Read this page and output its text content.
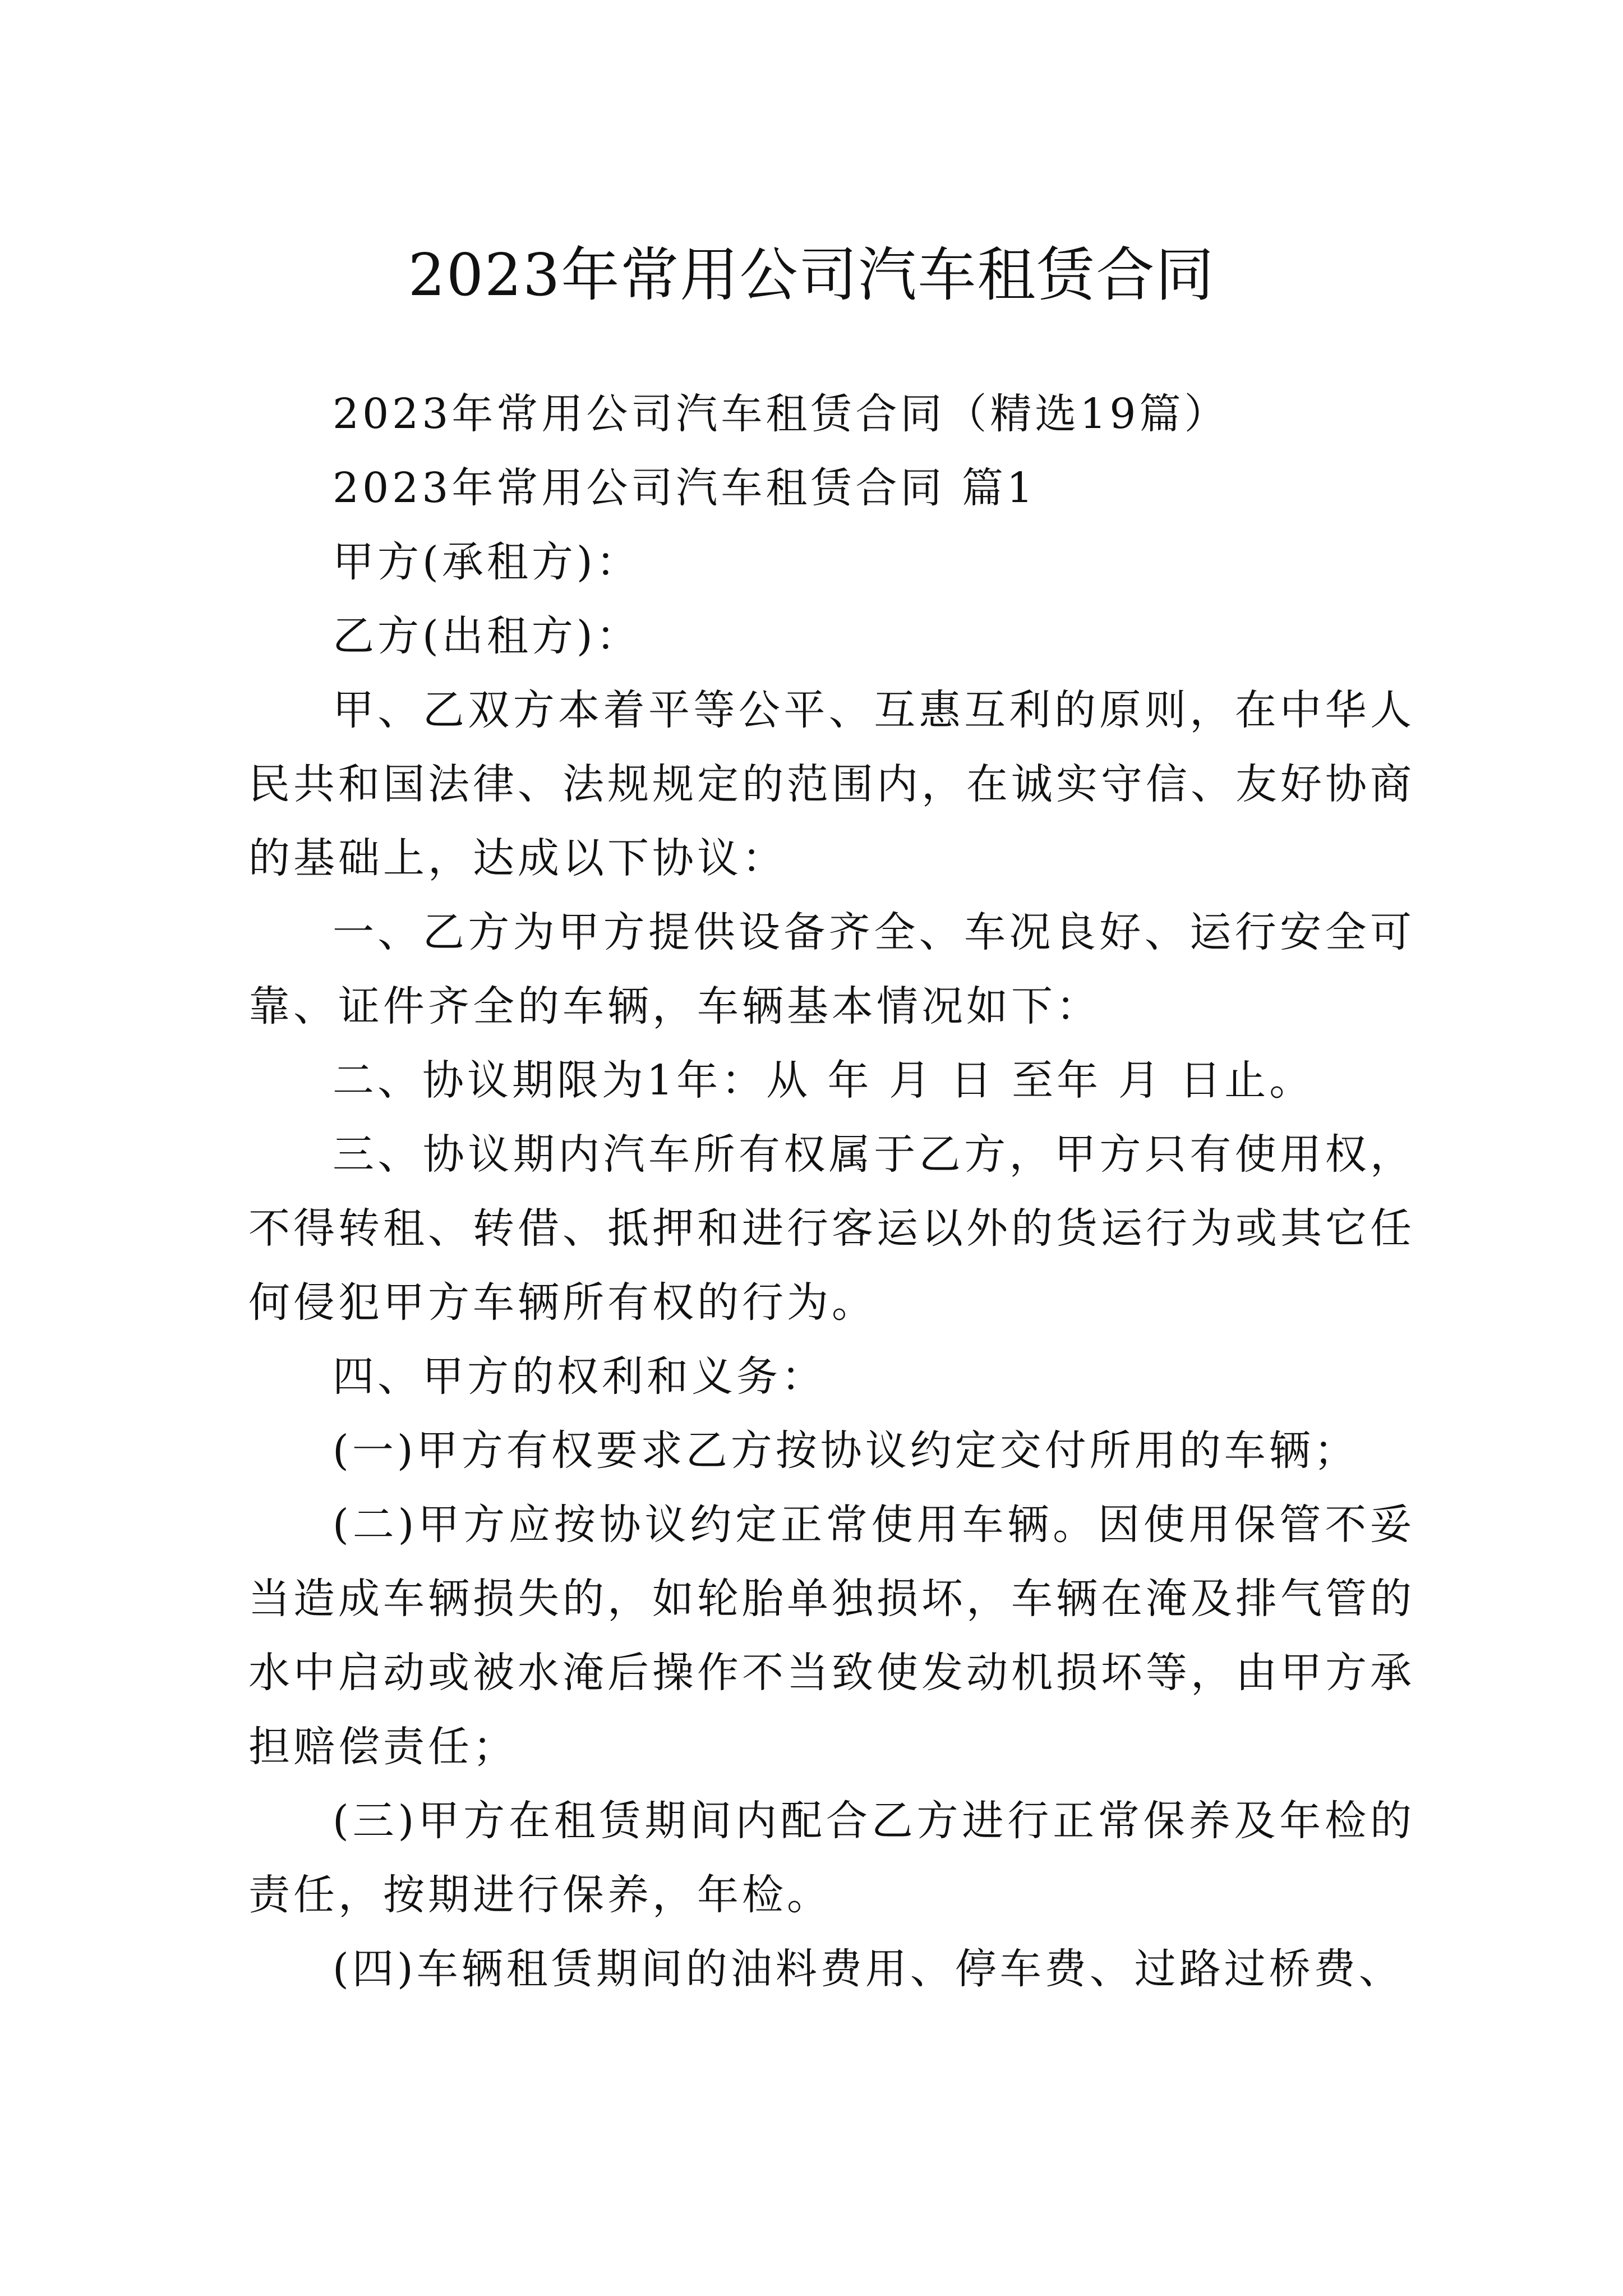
2023年常用公司汽车租赁合同

2023年常用公司汽车租赁合同（精选19篇）

2023年常用公司汽车租赁合同 篇1

甲方(承租方)：

乙方(出租方)：

甲、乙双方本着平等公平、互惠互利的原则，在中华人民共和国法律、法规规定的范围内，在诚实守信、友好协商的基础上，达成以下协议：

一、乙方为甲方提供设备齐全、车况良好、运行安全可靠、证件齐全的车辆，车辆基本情况如下：

二、协议期限为1年：从 年 月 日 至年 月 日止。

三、协议期内汽车所有权属于乙方，甲方只有使用权，不得转租、转借、抵押和进行客运以外的货运行为或其它任何侵犯甲方车辆所有权的行为。

四、甲方的权利和义务：

(一)甲方有权要求乙方按协议约定交付所用的车辆；

(二)甲方应按协议约定正常使用车辆。因使用保管不妥当造成车辆损失的，如轮胎单独损坏，车辆在淹及排气管的水中启动或被水淹后操作不当致使发动机损坏等，由甲方承担赔偿责任；

(三)甲方在租赁期间内配合乙方进行正常保养及年检的责任，按期进行保养，年检。

(四)车辆租赁期间的油料费用、停车费、过路过桥费、
